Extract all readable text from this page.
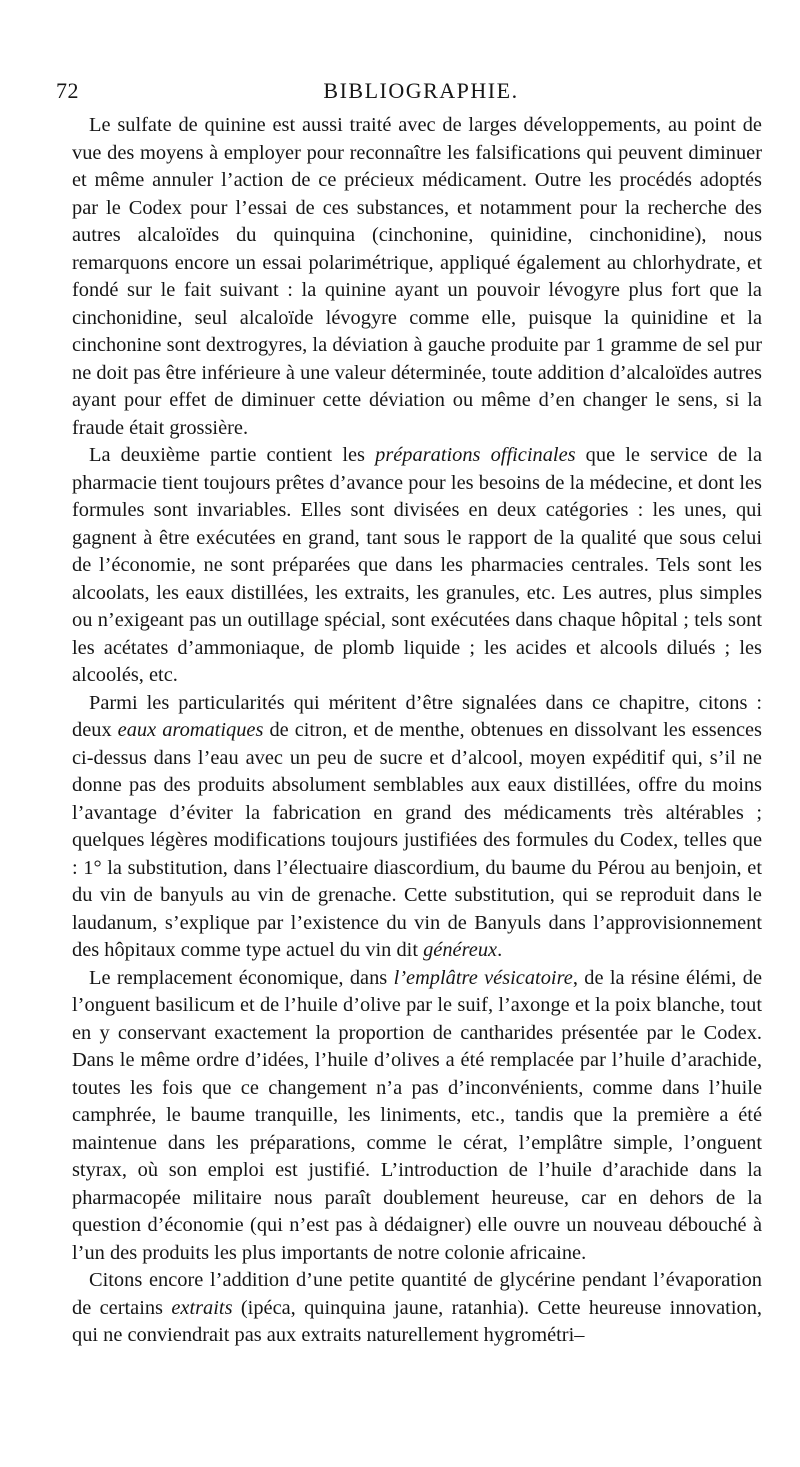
72	BIBLIOGRAPHIE.

Le sulfate de quinine est aussi traité avec de larges développements, au point de vue des moyens à employer pour reconnaître les falsifications qui peuvent diminuer et même annuler l’action de ce précieux médicament. Outre les procédés adoptés par le Codex pour l’essai de ces substances, et notamment pour la recherche des autres alcaloïdes du quinquina (cinchonine, quinidine, cinchonidine), nous remarquons encore un essai polarimétrique, appliqué également au chlorhydrate, et fondé sur le fait suivant : la quinine ayant un pouvoir lévogyre plus fort que la cinchonidine, seul alcaloïde lévogyre comme elle, puisque la quinidine et la cinchonine sont dextrogyres, la déviation à gauche produite par 1 gramme de sel pur ne doit pas être inférieure à une valeur déterminée, toute addition d’alcaloïdes autres ayant pour effet de diminuer cette déviation ou même d’en changer le sens, si la fraude était grossière.

La deuxième partie contient les préparations officinales que le service de la pharmacie tient toujours prêtes d’avance pour les besoins de la médecine, et dont les formules sont invariables. Elles sont divisées en deux catégories : les unes, qui gagnent à être exécutées en grand, tant sous le rapport de la qualité que sous celui de l’économie, ne sont préparées que dans les pharmacies centrales. Tels sont les alcoolats, les eaux distillées, les extraits, les granules, etc. Les autres, plus simples ou n’exigeant pas un outillage spécial, sont exécutées dans chaque hôpital ; tels sont les acétates d’ammoniaque, de plomb liquide ; les acides et alcools dilués ; les alcoolés, etc.

Parmi les particularités qui méritent d’être signalées dans ce chapitre, citons : deux eaux aromatiques de citron, et de menthe, obtenues en dissolvant les essences ci-dessus dans l’eau avec un peu de sucre et d’alcool, moyen expéditif qui, s’il ne donne pas des produits absolument semblables aux eaux distillées, offre du moins l’avantage d’éviter la fabrication en grand des médicaments très altérables ; quelques légères modifications toujours justifiées des formules du Codex, telles que : 1° la substitution, dans l’électuaire diascordium, du baume du Pérou au benjoin, et du vin de banyuls au vin de grenache. Cette substitution, qui se reproduit dans le laudanum, s’explique par l’existence du vin de Banyuls dans l’approvisionnement des hôpitaux comme type actuel du vin dit généreux.

Le remplacement économique, dans l’emplâtre vésicatoire, de la résine élémi, de l’onguent basilicum et de l’huile d’olive par le suif, l’axonge et la poix blanche, tout en y conservant exactement la proportion de cantharides présentée par le Codex. Dans le même ordre d’idées, l’huile d’olives a été remplacée par l’huile d’arachide, toutes les fois que ce changement n’a pas d’inconvénients, comme dans l’huile camphrée, le baume tranquille, les liniments, etc., tandis que la première a été maintenue dans les préparations, comme le cérat, l’emplâtre simple, l’onguent styrax, où son emploi est justifié. L’introduction de l’huile d’arachide dans la pharmacopée militaire nous paraît doublement heureuse, car en dehors de la question d’économie (qui n’est pas à dédaigner) elle ouvre un nouveau débouché à l’un des produits les plus importants de notre colonie africaine.

Citons encore l’addition d’une petite quantité de glycérine pendant l’évaporation de certains extraits (ipéca, quinquina jaune, ratanhia). Cette heureuse innovation, qui ne conviendrait pas aux extraits naturellement hygrométri–
